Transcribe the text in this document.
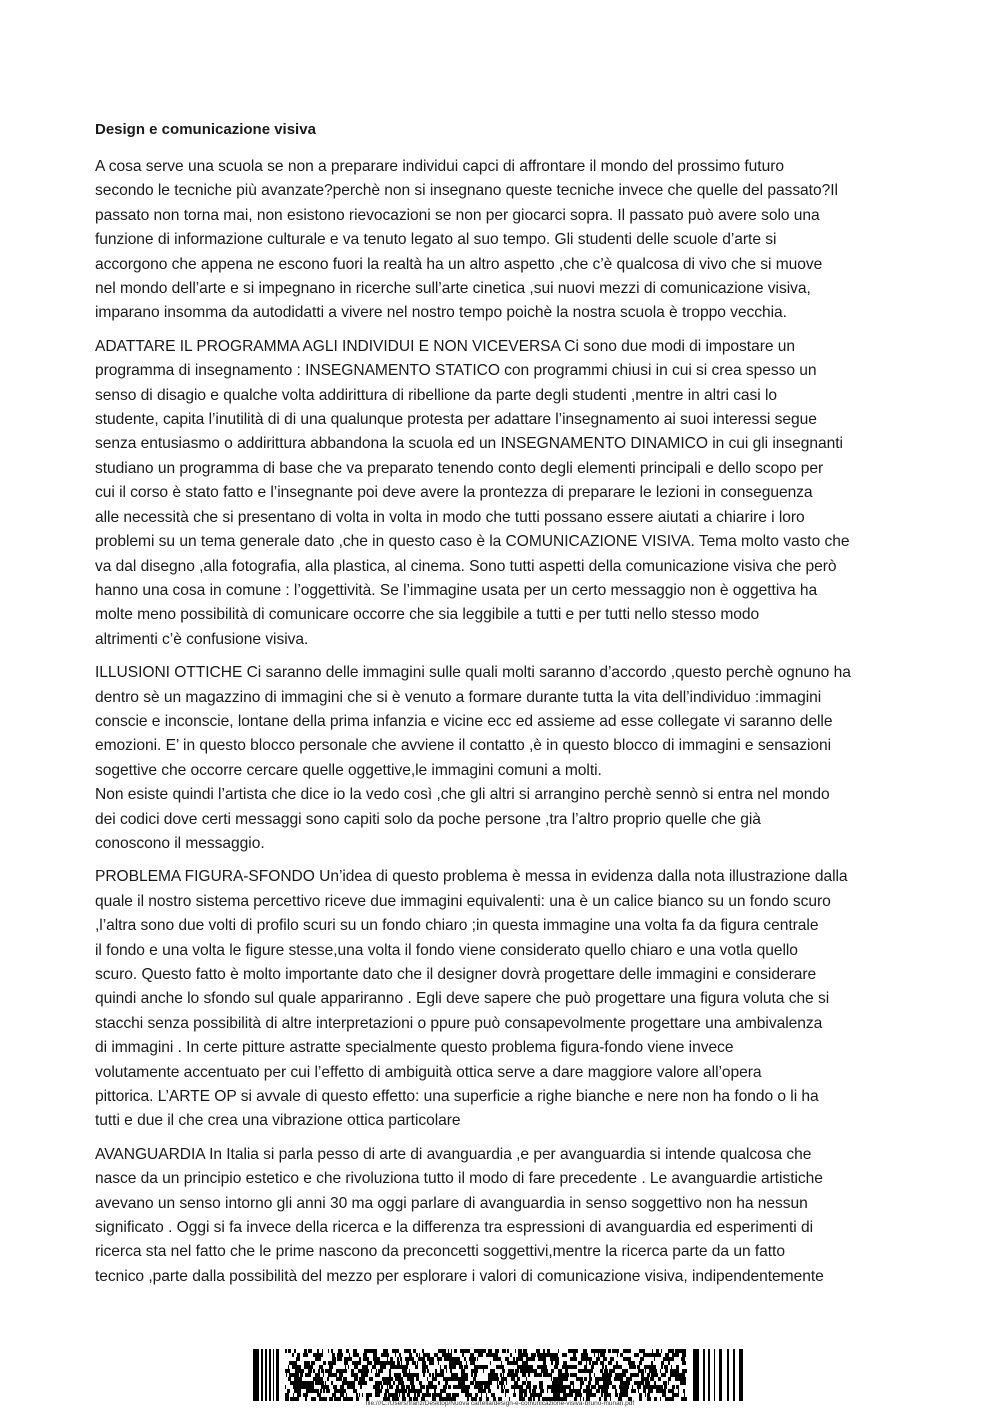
Design e comunicazione visiva
A cosa serve una scuola se non a preparare individui capci di affrontare il mondo del prossimo futuro
secondo le tecniche più avanzate?perchè non si insegnano queste tecniche invece che quelle del passato?Il
passato non torna mai, non esistono rievocazioni se non per giocarci sopra. Il passato può avere solo una
funzione di informazione culturale e va tenuto legato al suo tempo. Gli studenti delle scuole d’arte si
accorgono che appena ne escono fuori la realtà ha un altro aspetto ,che c’è qualcosa di vivo che si muove
nel mondo dell’arte e si impegnano in ricerche sull’arte cinetica ,sui nuovi mezzi di comunicazione visiva,
imparano insomma da autodidatti a vivere nel nostro tempo poichè la nostra scuola è troppo vecchia.
ADATTARE IL PROGRAMMA AGLI INDIVIDUI E NON VICEVERSA Ci sono due modi di impostare un
programma di insegnamento : INSEGNAMENTO STATICO con programmi chiusi in cui si crea spesso un
senso di disagio e qualche volta addirittura di ribellione da parte degli studenti ,mentre in altri casi lo
studente, capita l’inutilità di di una qualunque protesta per adattare l’insegnamento ai suoi interessi segue
senza entusiasmo o addirittura abbandona la scuola ed un INSEGNAMENTO DINAMICO in cui gli insegnanti
studiano un programma di base che va preparato tenendo conto degli elementi principali e dello scopo per
cui il corso è stato fatto e l’insegnante poi deve avere la prontezza di preparare le lezioni in conseguenza
alle necessità che si presentano di volta in volta in modo che tutti possano essere aiutati a chiarire i loro
problemi su un tema generale dato ,che in questo caso è la COMUNICAZIONE VISIVA. Tema molto vasto che
va dal disegno ,alla fotografia, alla plastica, al cinema. Sono tutti aspetti della comunicazione visiva che però
hanno una cosa in comune : l’oggettività. Se l’immagine usata per un certo messaggio non è oggettiva ha
molte meno possibilità di comunicare occorre che sia leggibile a tutti e per tutti nello stesso modo
altrimenti c’è confusione visiva.
ILLUSIONI OTTICHE Ci saranno delle immagini sulle quali molti saranno d’accordo ,questo perchè ognuno ha
dentro sè un magazzino di immagini che si è venuto a formare durante tutta la vita dell’individuo :immagini
conscie e inconscie, lontane della prima infanzia e vicine ecc ed assieme ad esse collegate vi saranno delle
emozioni. E’ in questo blocco personale che avviene il contatto ,è in questo blocco di immagini e sensazioni
sogettive che occorre cercare quelle oggettive,le immagini comuni a molti.
Non esiste quindi l’artista che dice io la vedo così ,che gli altri si arrangino perchè sennò si entra nel mondo
dei codici dove certi messaggi sono capiti solo da poche persone ,tra l’altro proprio quelle che già
conoscono il messaggio.
PROBLEMA FIGURA-SFONDO Un’idea di questo problema è messa in evidenza dalla nota illustrazione dalla
quale il nostro sistema percettivo riceve due immagini equivalenti: una è un calice bianco su un fondo scuro
,l’altra sono due volti di profilo scuri su un fondo chiaro ;in questa immagine una volta fa da figura centrale
il fondo e una volta le figure stesse,una volta il fondo viene considerato quello chiaro e una votla quello
scuro. Questo fatto è molto importante dato che il designer dovrà progettare delle immagini e considerare
quindi anche lo sfondo sul quale appariranno . Egli deve sapere che può progettare una figura voluta che si
stacchi senza possibilità di altre interpretazioni o ppure può consapevolmente progettare una ambivalenza
di immagini . In certe pitture astratte specialmente questo problema figura-fondo viene invece
volutamente accentuato per cui l’effetto di ambiguità ottica serve a dare maggiore valore all’opera
pittorica. L’ARTE OP si avvale di questo effetto: una superficie a righe bianche e nere non ha fondo o li ha
tutti e due il che crea una vibrazione ottica particolare
AVANGUARDIA In Italia si parla pesso di arte di avanguardia ,e per avanguardia si intende qualcosa che
nasce da un principio estetico e che rivoluziona tutto il modo di fare precedente . Le avanguardie artistiche
avevano un senso intorno gli anni 30 ma oggi parlare di avanguardia in senso soggettivo non ha nessun
significato . Oggi si fa invece della ricerca e la differenza tra espressioni di avanguardia ed esperimenti di
ricerca sta nel fatto che le prime nascono da preconcetti soggettivi,mentre la ricerca parte da un fatto
tecnico ,parte dalla possibilità del mezzo per esplorare i valori di comunicazione visiva, indipendentemente
file:///C:/Users/franz/Desktop/Nuova cartella/design-e-comunicazione-visiva-bruno-munari.pdf
